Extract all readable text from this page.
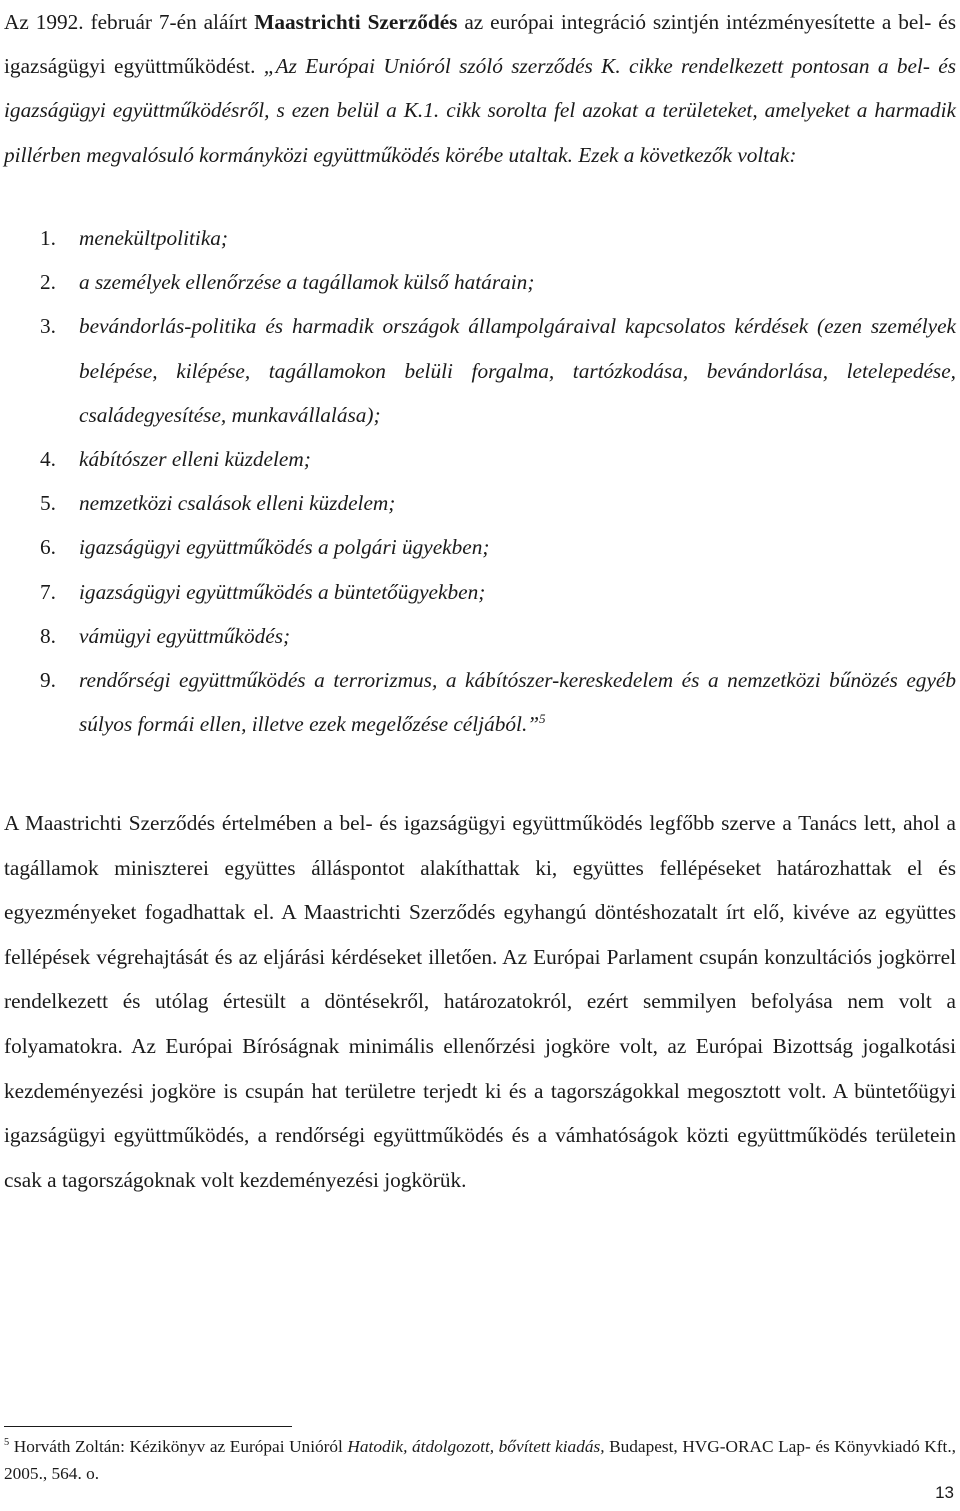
Az 1992. február 7-én aláírt Maastrichti Szerződés az európai integráció szintjén intézményesítette a bel- és igazságügyi együttműködést. „Az Európai Unióról szóló szerződés K. cikke rendelkezett pontosan a bel- és igazságügyi együttműködésről, s ezen belül a K.1. cikk sorolta fel azokat a területeket, amelyeket a harmadik pillérben megvalósuló kormányközi együttműködés körébe utaltak. Ezek a következők voltak:

1. menekültpolitika;
2. a személyek ellenőrzése a tagállamok külső határain;
3. bevándorlás-politika és harmadik országok állampolgáraival kapcsolatos kérdések (ezen személyek belépése, kilépése, tagállamokon belüli forgalma, tartózkodása, bevándorlása, letelepedése, családegyesítése, munkavállalása);
4. kábítószer elleni küzdelem;
5. nemzetközi csalások elleni küzdelem;
6. igazságügyi együttműködés a polgári ügyekben;
7. igazságügyi együttműködés a büntetőügyekben;
8. vámügyi együttműködés;
9. rendőrségi együttműködés a terrorizmus, a kábítószer-kereskedelem és a nemzetközi bűnözés egyéb súlyos formái ellen, illetve ezek megelőzése céljából.”$^5$

A Maastrichti Szerződés értelmében a bel- és igazságügyi együttműködés legfőbb szerve a Tanács lett, ahol a tagállamok miniszterei együttes álláspontot alakíthattak ki, együttes fellépéseket határozhattak el és egyezményeket fogadhattak el. A Maastrichti Szerződés egyhangú döntéshozatalt írt elő, kivéve az együttes fellépések végrehajtását és az eljárási kérdéseket illetően. Az Európai Parlament csupán konzultációs jogkörrel rendelkezett és utólag értesült a döntésekről, határozatokról, ezért semmilyen befolyása nem volt a folyamatokra. Az Európai Bíróságnak minimális ellenőrzési jogköre volt, az Európai Bizottság jogalkotási kezdeményezési jogköre is csupán hat területre terjedt ki és a tagországokkal megosztott volt. A büntetőügyi igazságügyi együttműködés, a rendőrségi együttműködés és a vámhatóságok közti együttműködés területein csak a tagországoknak volt kezdeményezési jogkörük.

$^5$ Horváth Zoltán: Kézikönyv az Európai Unióról Hatodik, átdolgozott, bővített kiadás, Budapest, HVG-ORAC Lap- és Könyvkiadó Kft., 2005., 564. o.

13
